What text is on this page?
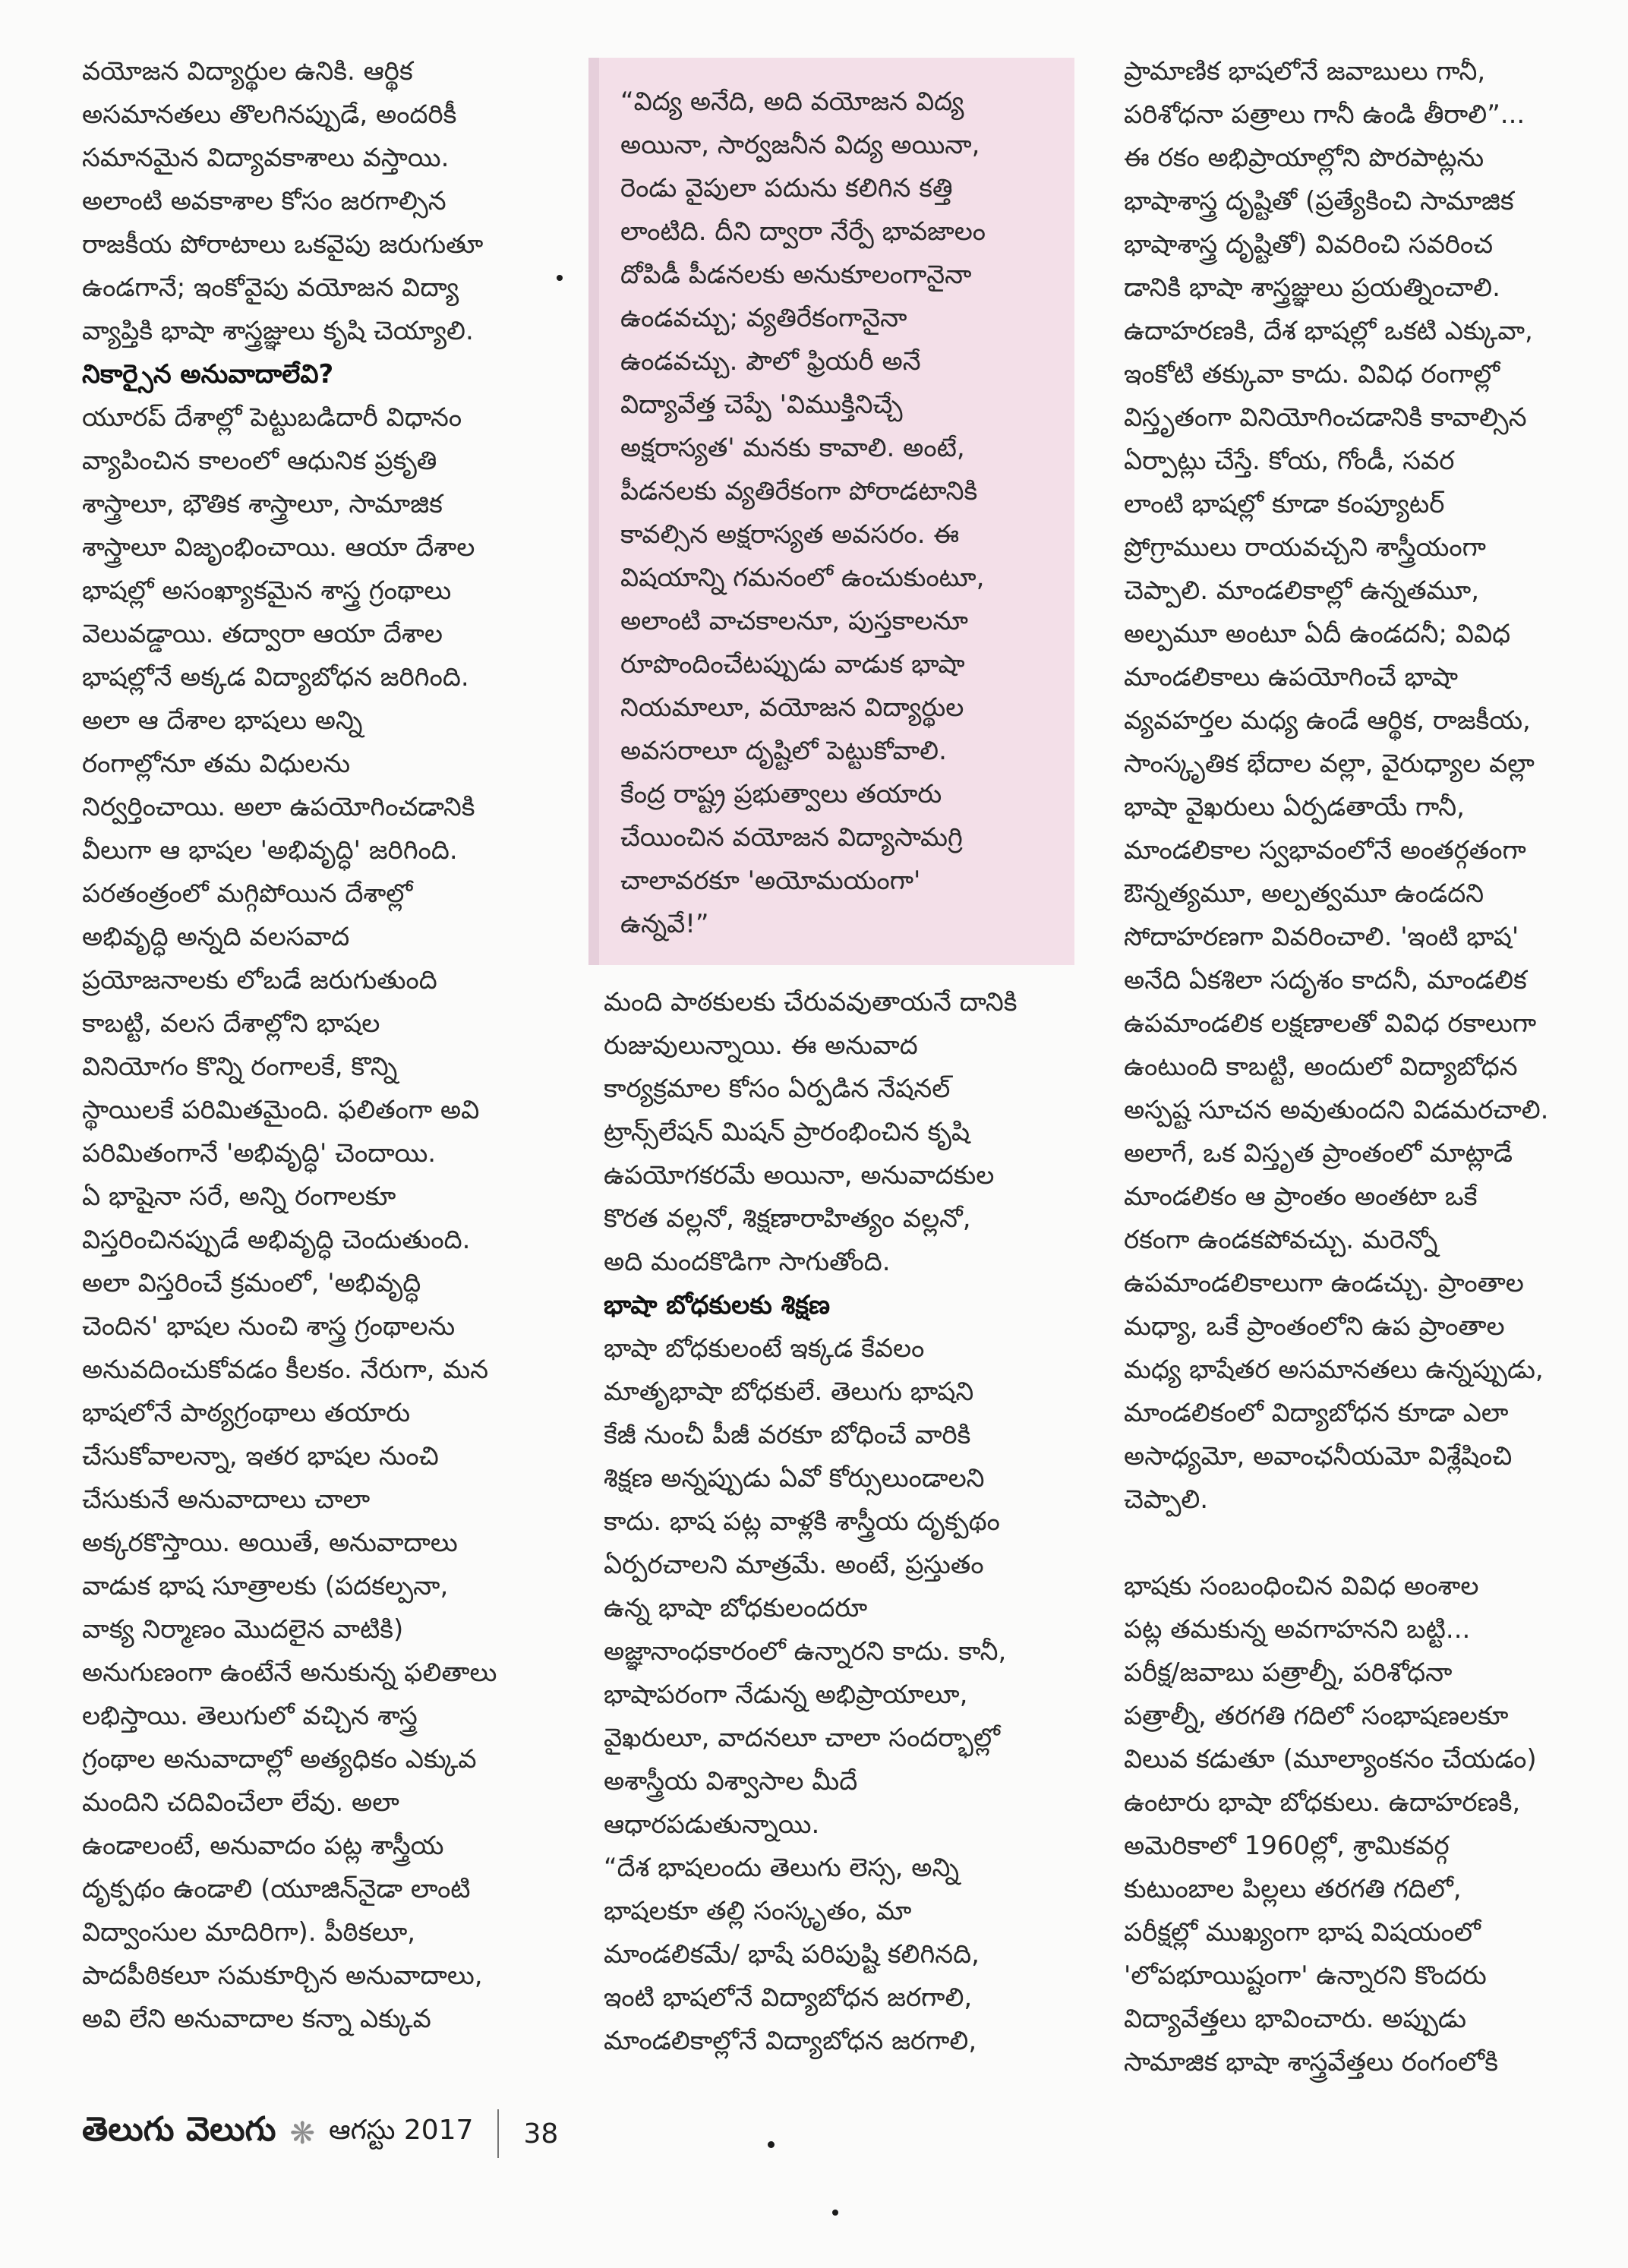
వయోజన విద్యార్థుల ఉనికి. ఆర్థిక
అసమానతలు తొలగినప్పుడే, అందరికీ
సమానమైన విద్యావకాశాలు వస్తాయి.
అలాంటి అవకాశాల కోసం జరగాల్సిన
రాజకీయ పోరాటాలు ఒకవైపు జరుగుతూ
ఉండగానే; ఇంకోవైపు వయోజన విద్యా
వ్యాప్తికి భాషా శాస్త్రజ్ఞులు కృషి చెయ్యాలి.
నికార్సైన అనువాదాలేవి?
యూరప్ దేశాల్లో పెట్టుబడిదారీ విధానం
వ్యాపించిన కాలంలో ఆధునిక ప్రకృతి
శాస్త్రాలూ, భౌతిక శాస్త్రాలూ, సామాజిక
శాస్త్రాలూ విజృంభించాయి. ఆయా దేశాల
భాషల్లో అసంఖ్యాకమైన శాస్త్ర గ్రంథాలు
వెలువడ్డాయి. తద్వారా ఆయా దేశాల
భాషల్లోనే అక్కడ విద్యాబోధన జరిగింది.
అలా ఆ దేశాల భాషలు అన్ని
రంగాల్లోనూ తమ విధులను
నిర్వర్తించాయి. అలా ఉపయోగించడానికి
వీలుగా ఆ భాషల 'అభివృద్ధి' జరిగింది.
పరతంత్రంలో మగ్గిపోయిన దేశాల్లో
అభివృద్ధి అన్నది వలసవాద
ప్రయోజనాలకు లోబడే జరుగుతుంది
కాబట్టి, వలస దేశాల్లోని భాషల
వినియోగం కొన్ని రంగాలకే, కొన్ని
స్థాయిలకే పరిమితమైంది. ఫలితంగా అవి
పరిమితంగానే 'అభివృద్ధి' చెందాయి.
ఏ భాషైనా సరే, అన్ని రంగాలకూ
విస్తరించినప్పుడే అభివృద్ధి చెందుతుంది.
అలా విస్తరించే క్రమంలో, 'అభివృద్ధి
చెందిన' భాషల నుంచి శాస్త్ర గ్రంథాలను
అనువదించుకోవడం కీలకం. నేరుగా, మన
భాషలోనే పాఠ్యగ్రంథాలు తయారు
చేసుకోవాలన్నా, ఇతర భాషల నుంచి
చేసుకునే అనువాదాలు చాలా
అక్కరకొస్తాయి. అయితే, అనువాదాలు
వాడుక భాష సూత్రాలకు (పదకల్పనా,
వాక్య నిర్మాణం మొదలైన వాటికి)
అనుగుణంగా ఉంటేనే అనుకున్న ఫలితాలు
లభిస్తాయి. తెలుగులో వచ్చిన శాస్త్ర
గ్రంథాల అనువాదాల్లో అత్యధికం ఎక్కువ
మందిని చదివించేలా లేవు. అలా
ఉండాలంటే, అనువాదం పట్ల శాస్త్రీయ
దృక్పథం ఉండాలి (యూజిన్‌నైడా లాంటి
విద్వాంసుల మాదిరిగా). పీఠికలూ,
పాదపీఠికలూ సమకూర్చిన అనువాదాలు,
అవి లేని అనువాదాల కన్నా ఎక్కువ
“విద్య అనేది, అది వయోజన విద్య
అయినా, సార్వజనీన విద్య అయినా,
రెండు వైపులా పదును కలిగిన కత్తి
లాంటిది. దీని ద్వారా నేర్పే భావజాలం
దోపిడీ పీడనలకు అనుకూలంగానైనా
ఉండవచ్చు; వ్యతిరేకంగానైనా
ఉండవచ్చు. పౌలో ఫ్రియరీ అనే
విద్యావేత్త చెప్పే 'విముక్తినిచ్చే
అక్షరాస్యత' మనకు కావాలి. అంటే,
పీడనలకు వ్యతిరేకంగా పోరాడటానికి
కావల్సిన అక్షరాస్యత అవసరం. ఈ
విషయాన్ని గమనంలో ఉంచుకుంటూ,
అలాంటి వాచకాలనూ, పుస్తకాలనూ
రూపొందించేటప్పుడు వాడుక భాషా
నియమాలూ, వయోజన విద్యార్థుల
అవసరాలూ దృష్టిలో పెట్టుకోవాలి.
కేంద్ర రాష్ట్ర ప్రభుత్వాలు తయారు
చేయించిన వయోజన విద్యాసామగ్రి
చాలావరకూ 'అయోమయంగా'
ఉన్నవే!”
మంది పాఠకులకు చేరువవుతాయనే దానికి
రుజువులున్నాయి. ఈ అనువాద
కార్యక్రమాల కోసం ఏర్పడిన నేషనల్
ట్రాన్స్‌లేషన్ మిషన్ ప్రారంభించిన కృషి
ఉపయోగకరమే అయినా, అనువాదకుల
కొరత వల్లనో, శిక్షణారాహిత్యం వల్లనో,
అది మందకొడిగా సాగుతోంది.
భాషా బోధకులకు శిక్షణ
భాషా బోధకులంటే ఇక్కడ కేవలం
మాతృభాషా బోధకులే. తెలుగు భాషని
కేజీ నుంచీ పీజీ వరకూ బోధించే వారికి
శిక్షణ అన్నప్పుడు ఏవో కోర్సులుండాలని
కాదు. భాష పట్ల వాళ్లకి శాస్త్రీయ దృక్పథం
ఏర్పరచాలని మాత్రమే. అంటే, ప్రస్తుతం
ఉన్న భాషా బోధకులందరూ
అజ్ఞానాంధకారంలో ఉన్నారని కాదు. కానీ,
భాషాపరంగా నేడున్న అభిప్రాయాలూ,
వైఖరులూ, వాదనలూ చాలా సందర్భాల్లో
అశాస్త్రీయ విశ్వాసాల మీదే
ఆధారపడుతున్నాయి.
“దేశ భాషలందు తెలుగు లెస్స, అన్ని
భాషలకూ తల్లి సంస్కృతం, మా
మాండలికమే/ భాషే పరిపుష్టి కలిగినది,
ఇంటి భాషలోనే విద్యాబోధన జరగాలి,
మాండలికాల్లోనే విద్యాబోధన జరగాలి,
ప్రామాణిక భాషలోనే జవాబులు గానీ,
పరిశోధనా పత్రాలు గానీ ఉండి తీరాలి”...
ఈ రకం అభిప్రాయాల్లోని పొరపాట్లను
భాషాశాస్త్ర దృష్టితో (ప్రత్యేకించి సామాజిక
భాషాశాస్త్ర దృష్టితో) వివరించి సవరించ
డానికి భాషా శాస్త్రజ్ఞులు ప్రయత్నించాలి.
ఉదాహరణకి, దేశ భాషల్లో ఒకటి ఎక్కువా,
ఇంకోటి తక్కువా కాదు. వివిధ రంగాల్లో
విస్తృతంగా వినియోగించడానికి కావాల్సిన
ఏర్పాట్లు చేస్తే. కోయ, గోండీ, సవర
లాంటి భాషల్లో కూడా కంప్యూటర్
ప్రోగ్రాములు రాయవచ్చని శాస్త్రీయంగా
చెప్పాలి. మాండలికాల్లో ఉన్నతమూ,
అల్పమూ అంటూ ఏదీ ఉండదనీ; వివిధ
మాండలికాలు ఉపయోగించే భాషా
వ్యవహర్తల మధ్య ఉండే ఆర్థిక, రాజకీయ,
సాంస్కృతిక భేదాల వల్లా, వైరుధ్యాల వల్లా
భాషా వైఖరులు ఏర్పడతాయే గానీ,
మాండలికాల స్వభావంలోనే అంతర్గతంగా
ఔన్నత్యమూ, అల్పత్వమూ ఉండదని
సోదాహరణగా వివరించాలి. 'ఇంటి భాష'
అనేది ఏకశిలా సదృశం కాదనీ, మాండలిక
ఉపమాండలిక లక్షణాలతో వివిధ రకాలుగా
ఉంటుంది కాబట్టి, అందులో విద్యాబోధన
అస్పష్ట సూచన అవుతుందని విడమరచాలి.
అలాగే, ఒక విస్తృత ప్రాంతంలో మాట్లాడే
మాండలికం ఆ ప్రాంతం అంతటా ఒకే
రకంగా ఉండకపోవచ్చు. మరెన్నో
ఉపమాండలికాలుగా ఉండచ్చు. ప్రాంతాల
మధ్యా, ఒకే ప్రాంతంలోని ఉప ప్రాంతాల
మధ్య భాషేతర అసమానతలు ఉన్నప్పుడు,
మాండలికంలో విద్యాబోధన కూడా ఎలా
అసాధ్యమో, అవాంఛనీయమో విశ్లేషించి
చెప్పాలి.

భాషకు సంబంధించిన వివిధ అంశాల
పట్ల తమకున్న అవగాహనని బట్టి...
పరీక్ష/జవాబు పత్రాల్నీ, పరిశోధనా
పత్రాల్నీ, తరగతి గదిలో సంభాషణలకూ
విలువ కడుతూ (మూల్యాంకనం చేయడం)
ఉంటారు భాషా బోధకులు. ఉదాహరణకి,
అమెరికాలో 1960ల్లో, శ్రామికవర్గ
కుటుంబాల పిల్లలు తరగతి గదిలో,
పరీక్షల్లో ముఖ్యంగా భాష విషయంలో
'లోపభూయిష్టంగా' ఉన్నారని కొందరు
విద్యావేత్తలు భావించారు. అప్పుడు
సామాజిక భాషా శాస్త్రవేత్తలు రంగంలోకి
తెలుగు వెలుగు ❋ ఆగస్టు 2017 38
